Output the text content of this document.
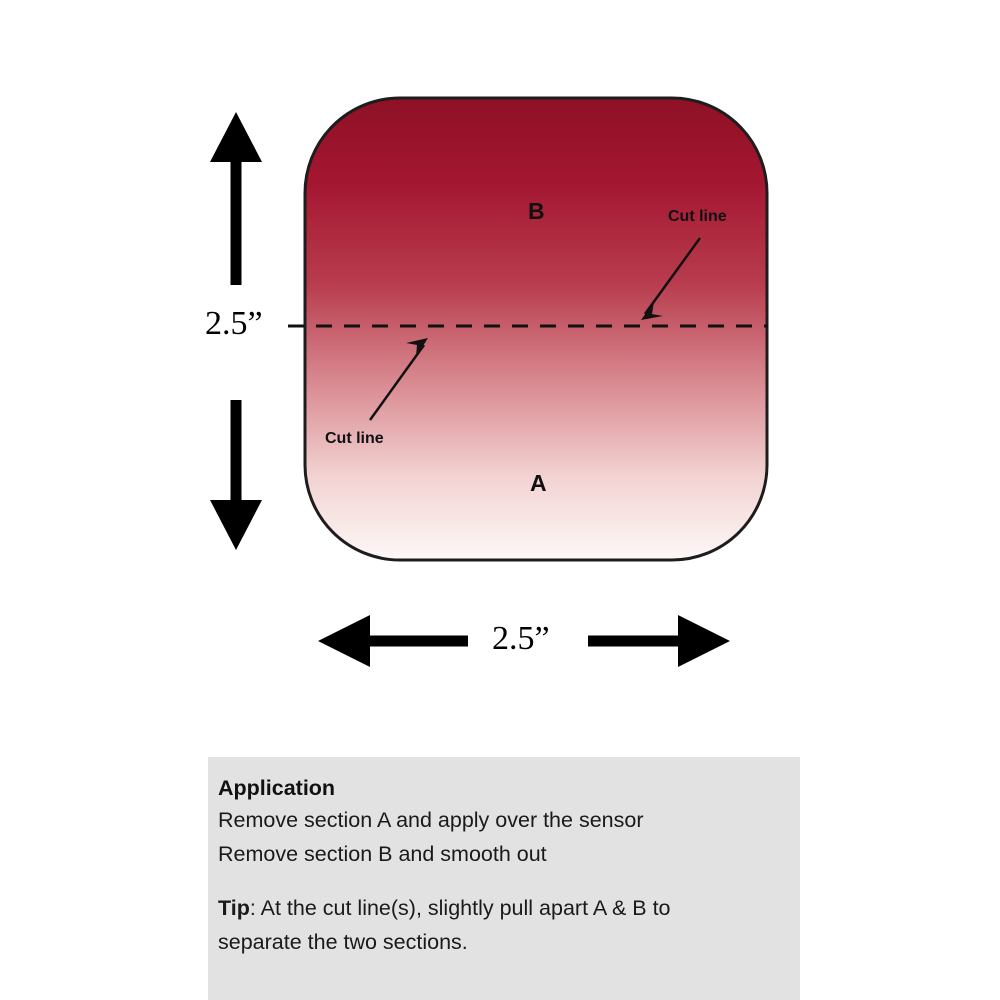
B
A
Cut line
Cut line
2.5”
2.5”
Application
Remove section A and apply over the sensor
Remove section B and smooth out
Tip: At the cut line(s), slightly pull apart A & B to
separate the two sections.
